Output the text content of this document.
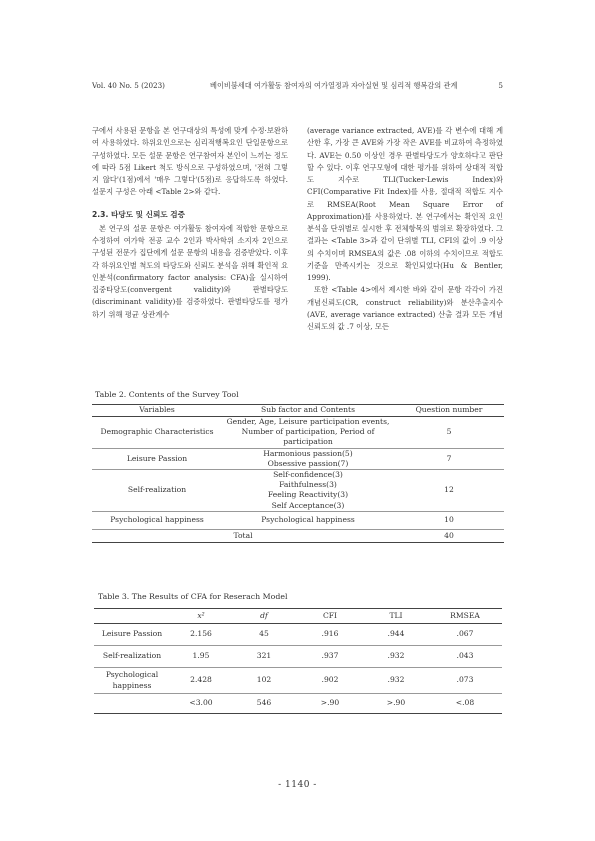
Vol. 40 No. 5 (2023)	베이비붐세대 여가활동 참여자의 여가열정과 자아실현 및 심리적 행복감의 관계	5

구에서 사용된 문항을 본 연구대상의 특성에 맞게 수정·보완하여 사용하였다. 하위요인으로는 심리적행복요인 단일문항으로 구성하였다. 모든 설문 문항은 연구참여자 본인이 느끼는 정도에 따라 5점 Likert 척도 방식으로 구성하였으며, '전혀 그렇지 않다'(1점)에서 '매우 그렇다'(5점)로 응답하도록 하였다. 설문지 구성은 아래 <Table 2>와 같다.

2.3. 타당도 및 신뢰도 검증

본 연구의 설문 문항은 여가활동 참여자에 적합한 문항으로 수정하여 여가학 전공 교수 2인과 박사학위 소지자 2인으로 구성된 전문가 집단에게 설문 문항의 내용을 검증받았다. 이후 각 하위요인별 척도의 타당도와 신뢰도 분석을 위해 확인적 요인분석(confirmatory factor analysis: CFA)을 실시하여 집중타당도(convergent validity)와 판별타당도(discriminant validity)를 검증하였다. 판별타당도를 평가하기 위해 평균 상관계수

(average variance extracted, AVE)를 각 변수에 대해 계산한 후, 가장 큰 AVE와 가장 작은 AVE를 비교하여 측정하였다. AVE는 0.50 이상인 경우 판별타당도가 양호하다고 판단할 수 있다. 이후 연구모형에 대한 평가를 위하여 상대적 적합도 지수로 TLI(Tucker-Lewis Index)와 CFI(Comparative Fit Index)를 사용, 절대적 적합도 지수로 RMSEA(Root Mean Square Error of Approximation)를 사용하였다. 본 연구에서는 확인적 요인분석을 단위별로 실시한 후 전체항목의 범위로 확장하였다. 그 결과는 <Table 3>과 같이 단위별 TLI, CFI의 값이 .9 이상의 수치이며 RMSEA의 값은 .08 이하의 수치이므로 적합도 기준을 만족시키는 것으로 확인되었다(Hu & Bentler, 1999).

또한 <Table 4>에서 제시한 바와 같이 문항 각각이 가진 개념신뢰도(CR, construct reliability)와 분산추출지수(AVE, average variance extracted) 산출 결과 모든 개념신뢰도의 값 .7 이상, 모든

Table 2. Contents of the Survey Tool
Variables	Sub factor and Contents	Question number
Demographic Characteristics	Gender, Age, Leisure participation events,
Number of participation, Period of
participation	5
Leisure Passion	Harmonious passion(5)
Obsessive passion(7)	7
Self-realization	Self-confidence(3)
Faithfulness(3)
Feeling Reactivity(3)
Self Acceptance(3)	12
Psychological happiness	Psychological happiness	10
Total		40
Table 3. The Results of CFA for Reserach Model
	x²	df	CFI	TLI	RMSEA
Leisure Passion	2.156	45	.916	.944	.067
Self-realization	1.95	321	.937	.932	.043
Psychological happiness	2.428	102	.902	.932	.073
	<3.00	546	>.90	>.90	<.08
- 1140 -
